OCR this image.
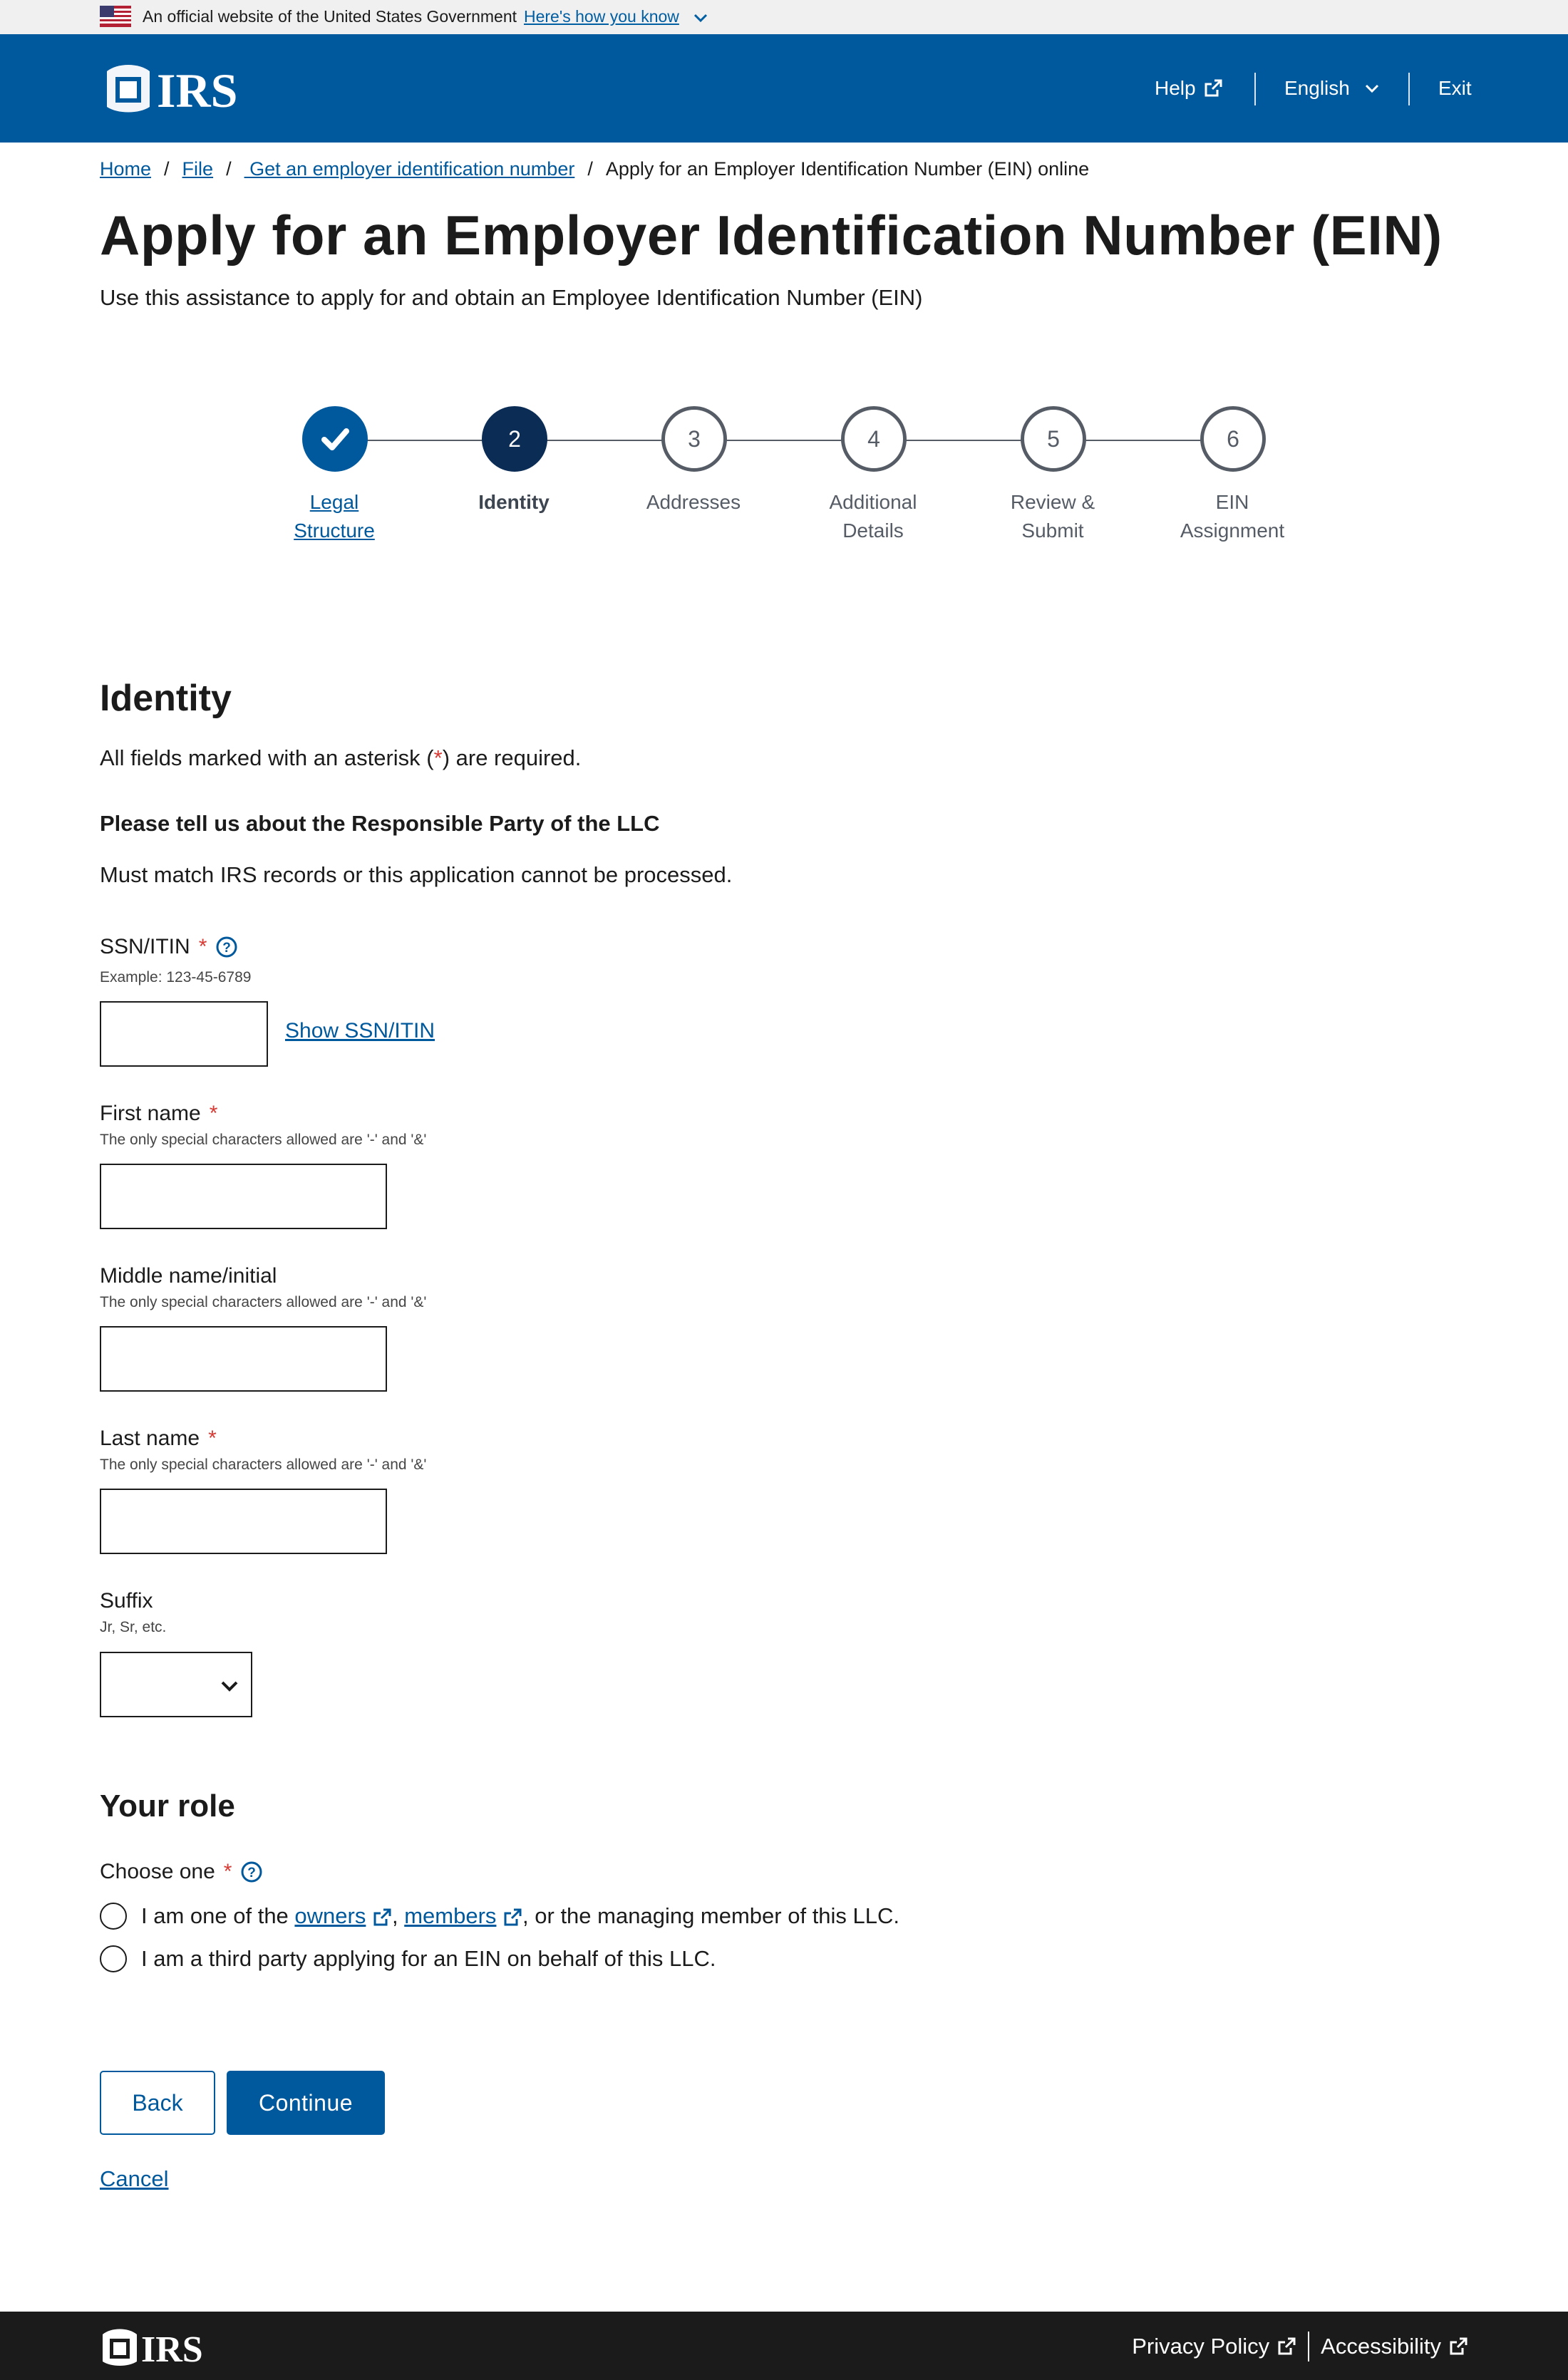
An official website of the United States Government Here's how you know
IRS	Help	English	Exit
Home / File / Get an employer identification number / Apply for an Employer Identification Number (EIN) online
Apply for an Employer Identification Number (EIN)

Use this assistance to apply for and obtain an Employee Identification Number (EIN)

Legal
Structure
2
Identity
3
Addresses
4
Additional
Details
5
Review &
Submit
6
EIN
Assignment
Identity

All fields marked with an asterisk (*) are required.

Please tell us about the Responsible Party of the LLC

Must match IRS records or this application cannot be processed.

SSN/ITIN * ?
Example: 123-45-6789
Show SSN/ITIN
First name *
The only special characters allowed are '-' and '&'
Middle name/initial
The only special characters allowed are '-' and '&'
Last name *
The only special characters allowed are '-' and '&'
Suffix
Jr, Sr, etc.
Your role
Choose one * ?
I am one of the owners , members , or the managing member of this LLC.
I am a third party applying for an EIN on behalf of this LLC.
Back	Continue
Cancel
IRS	Privacy Policy Accessibility
